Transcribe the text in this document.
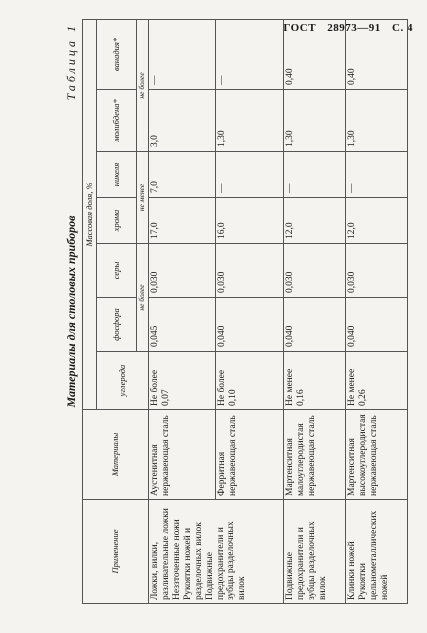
ГОСТ 28973—91 С. 4
Материалы для столовых приборов
Таблица 1
Применение	Материалы	Массовая доля, %						
		углерода	фосфора	серы	хрома	никеля	молибдена*	ванадия*
			не более		не менее		не более	
Ложки, вилки, разливательные ложки Неззточенные ножи Рукоятки ножей и разделочных вилок Подвижные предохранители и зубцы разделочных вилок	Аустенитная нержавеющая сталь	Не более 0,07	0,045	0,030	17,0	7,0	3,0	—
	Ферритная нержавеющая сталь	Не более 0,10	0,040	0,030	16,0	—	1,30	—
Подвижные предохранители и зубцы разделочных вилок	Мартенситная малоуглеродистая нержавеющая сталь	Не менее 0,16	0,040	0,030	12,0	—	1,30	0,40
Клинки ножей Рукоятки цельнометаллических ножей	Мартенситная высокоуглеродистая нержавеющая сталь	Не менее 0,26	0,040	0,030	12,0	—	1,30	0,40
